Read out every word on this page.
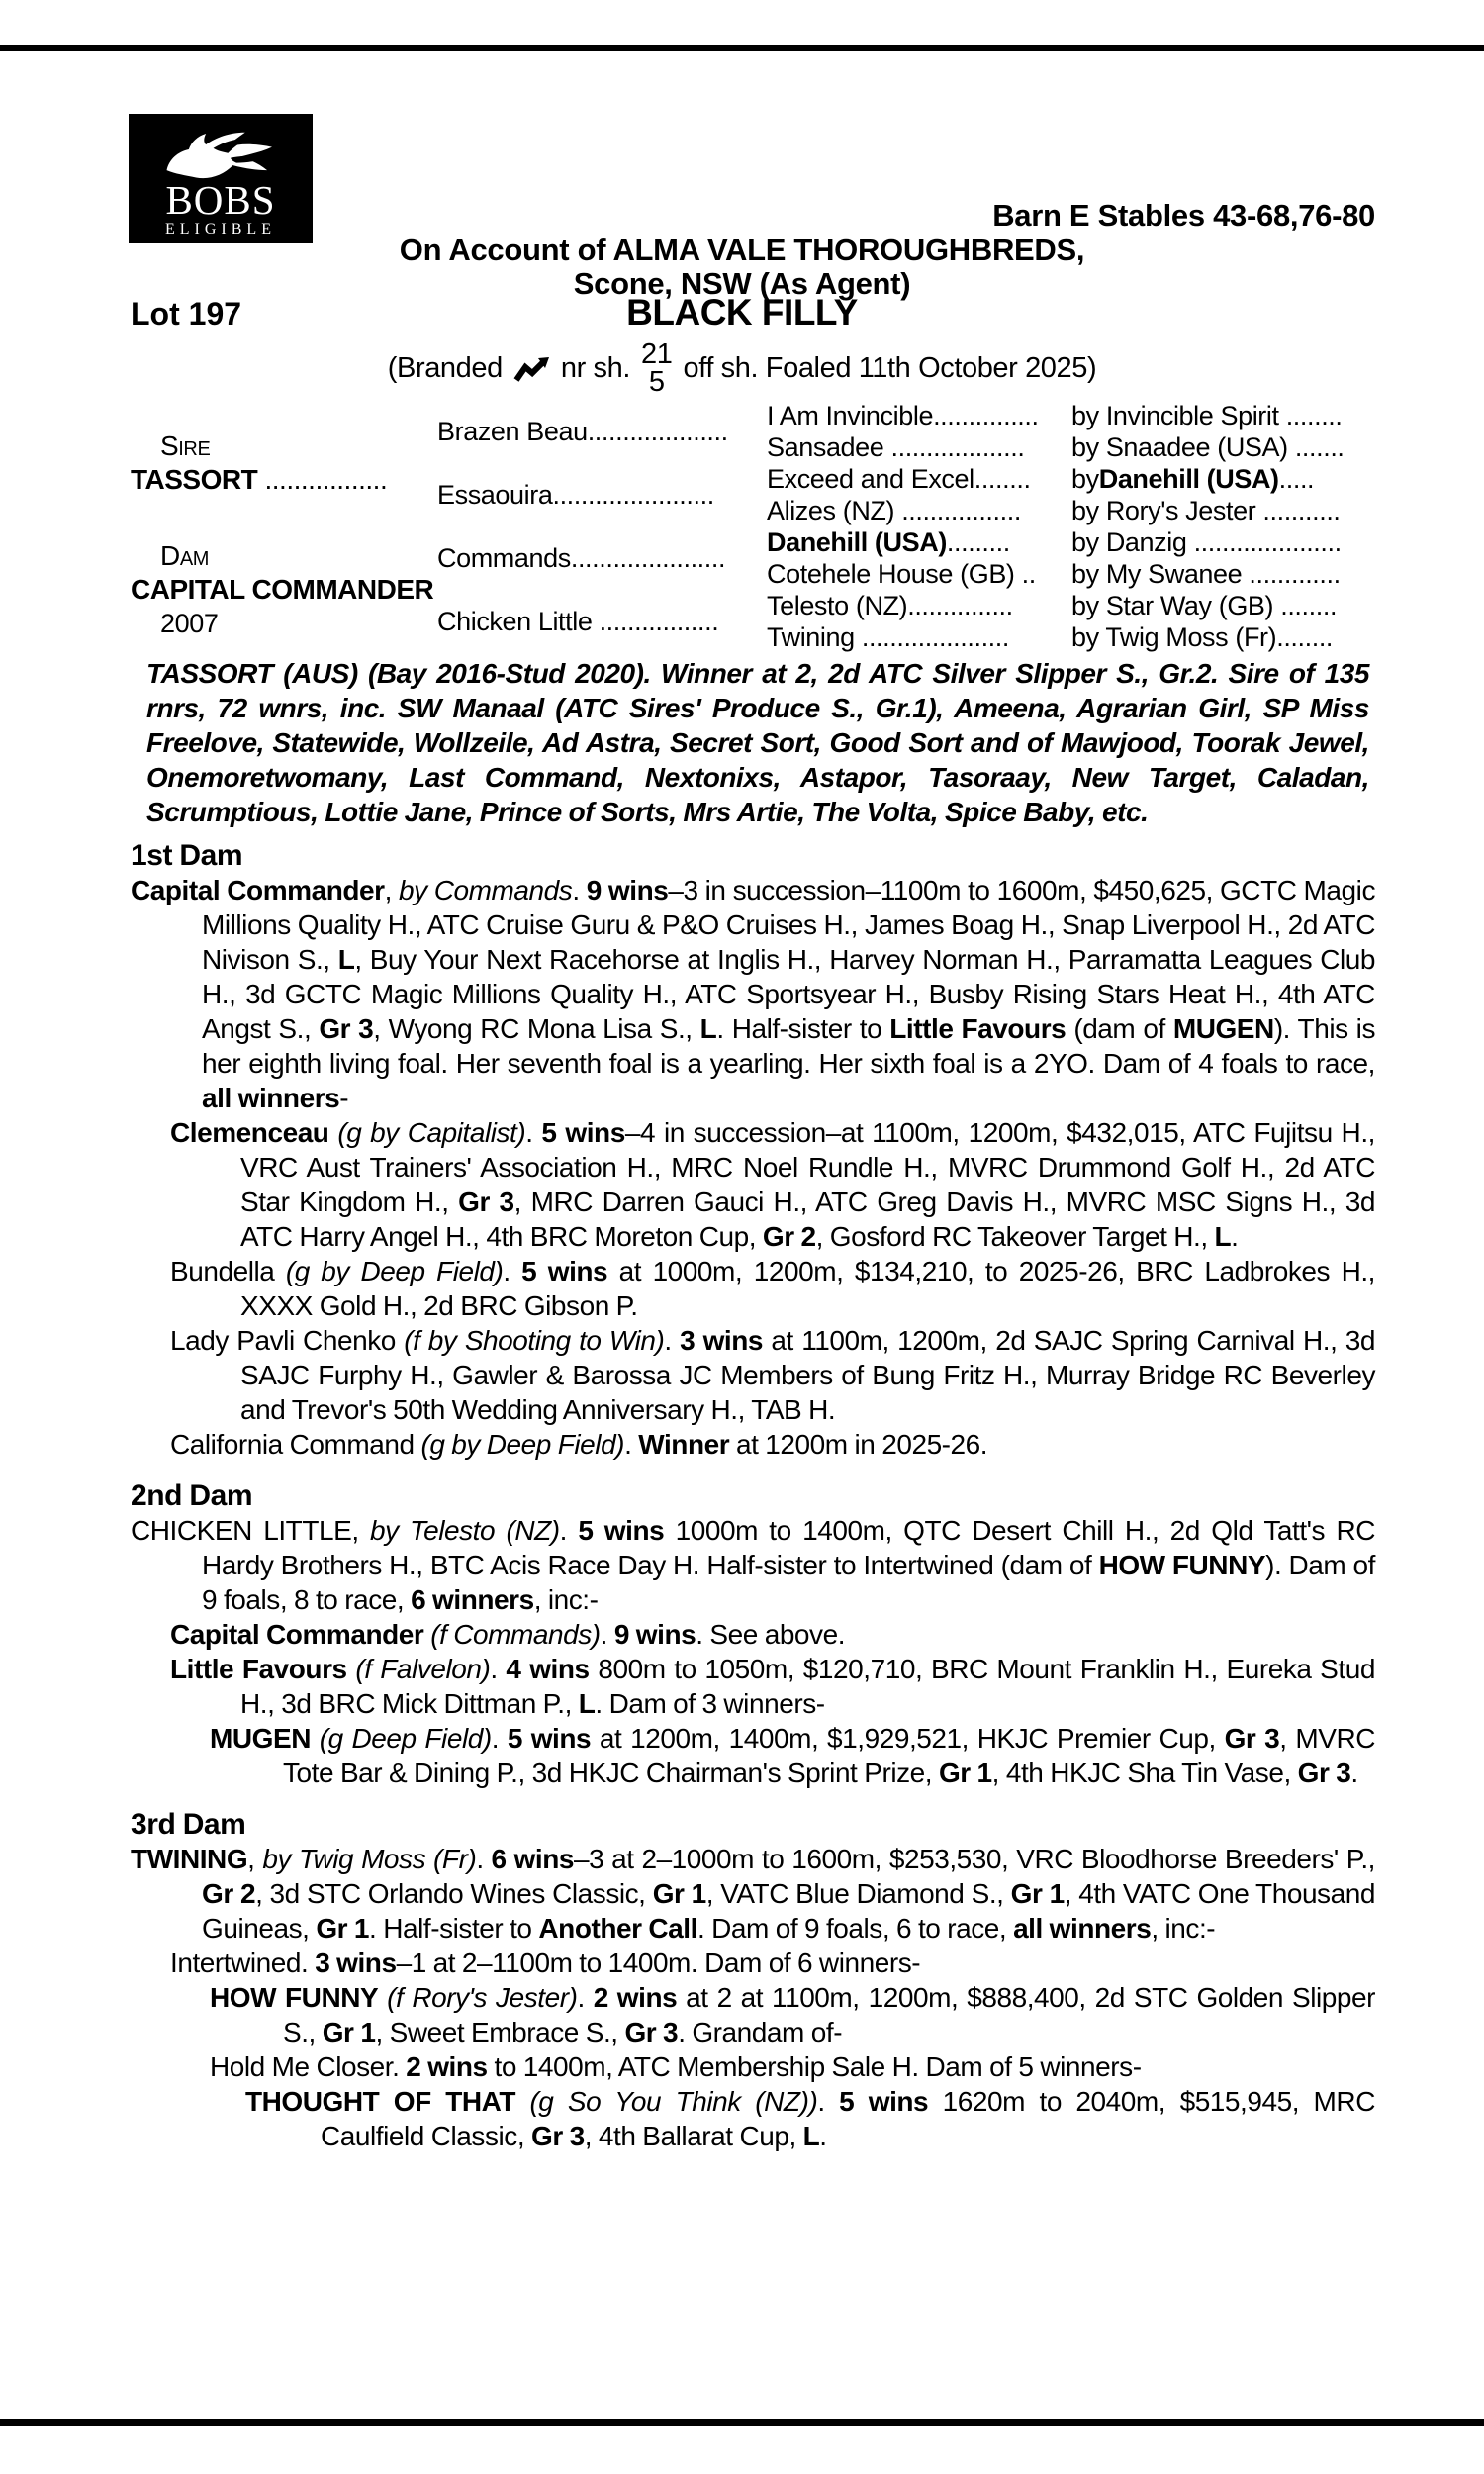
BOBS
ELIGIBLE	Barn E Stables 43-68,76-80
On Account of ALMA VALE THOROUGHBREDS,
Scone, NSW (As Agent)
Lot 197	BLACK FILLY
(Branded nr sh. 21
5 off sh. Foaled 11th October 2025)
Sire
TASSORT .................
Dam
CAPITAL COMMANDER
2007
Brazen Beau....................
Essaouira.......................
Commands......................
Chicken Little .................
I Am Invincible............... by Invincible Spirit ........
Sansadee ................... by Snaadee (USA) .......
Exceed and Excel........ by Danehill (USA) .....
Alizes (NZ) ................. by Rory's Jester ...........
Danehill (USA) ......... by Danzig .....................
Cotehele House (GB) .. by My Swanee .............
Telesto (NZ)............... by Star Way (GB) ........
Twining ..................... by Twig Moss (Fr)........

TASSORT (AUS) (Bay 2016-Stud 2020). Winner at 2, 2d ATC Silver Slipper S., Gr.2. Sire of 135 rnrs, 72 wnrs, inc. SW Manaal (ATC Sires' Produce S., Gr.1), Ameena, Agrarian Girl, SP Miss Freelove, Statewide, Wollzeile, Ad Astra, Secret Sort, Good Sort and of Mawjood, Toorak Jewel, Onemoretwomany, Last Command, Nextonixs, Astapor, Tasoraay, New Target, Caladan, Scrumptious, Lottie Jane, Prince of Sorts, Mrs Artie, The Volta, Spice Baby, etc.

1st Dam

Capital Commander, by Commands. 9 wins–3 in succession–1100m to 1600m, $450,625, GCTC Magic Millions Quality H., ATC Cruise Guru & P&O Cruises H., James Boag H., Snap Liverpool H., 2d ATC Nivison S., L, Buy Your Next Racehorse at Inglis H., Harvey Norman H., Parramatta Leagues Club H., 3d GCTC Magic Millions Quality H., ATC Sportsyear H., Busby Rising Stars Heat H., 4th ATC Angst S., Gr 3, Wyong RC Mona Lisa S., L. Half-sister to Little Favours (dam of MUGEN). This is her eighth living foal. Her seventh foal is a yearling. Her sixth foal is a 2YO. Dam of 4 foals to race, all winners-

Clemenceau (g by Capitalist). 5 wins–4 in succession–at 1100m, 1200m, $432,015, ATC Fujitsu H., VRC Aust Trainers' Association H., MRC Noel Rundle H., MVRC Drummond Golf H., 2d ATC Star Kingdom H., Gr 3, MRC Darren Gauci H., ATC Greg Davis H., MVRC MSC Signs H., 3d ATC Harry Angel H., 4th BRC Moreton Cup, Gr 2, Gosford RC Takeover Target H., L.

Bundella (g by Deep Field). 5 wins at 1000m, 1200m, $134,210, to 2025-26, BRC Ladbrokes H., XXXX Gold H., 2d BRC Gibson P.

Lady Pavli Chenko (f by Shooting to Win). 3 wins at 1100m, 1200m, 2d SAJC Spring Carnival H., 3d SAJC Furphy H., Gawler & Barossa JC Members of Bung Fritz H., Murray Bridge RC Beverley and Trevor's 50th Wedding Anniversary H., TAB H.

California Command (g by Deep Field). Winner at 1200m in 2025-26.

2nd Dam

CHICKEN LITTLE, by Telesto (NZ). 5 wins 1000m to 1400m, QTC Desert Chill H., 2d Qld Tatt's RC Hardy Brothers H., BTC Acis Race Day H. Half-sister to Intertwined (dam of HOW FUNNY). Dam of 9 foals, 8 to race, 6 winners, inc:-

Capital Commander (f Commands). 9 wins. See above.

Little Favours (f Falvelon). 4 wins 800m to 1050m, $120,710, BRC Mount Franklin H., Eureka Stud H., 3d BRC Mick Dittman P., L. Dam of 3 winners-

MUGEN (g Deep Field). 5 wins at 1200m, 1400m, $1,929,521, HKJC Premier Cup, Gr 3, MVRC Tote Bar & Dining P., 3d HKJC Chairman's Sprint Prize, Gr 1, 4th HKJC Sha Tin Vase, Gr 3.

3rd Dam

TWINING, by Twig Moss (Fr). 6 wins–3 at 2–1000m to 1600m, $253,530, VRC Bloodhorse Breeders' P., Gr 2, 3d STC Orlando Wines Classic, Gr 1, VATC Blue Diamond S., Gr 1, 4th VATC One Thousand Guineas, Gr 1. Half-sister to Another Call. Dam of 9 foals, 6 to race, all winners, inc:-

Intertwined. 3 wins–1 at 2–1100m to 1400m. Dam of 6 winners-

HOW FUNNY (f Rory's Jester). 2 wins at 2 at 1100m, 1200m, $888,400, 2d STC Golden Slipper S., Gr 1, Sweet Embrace S., Gr 3. Grandam of-

Hold Me Closer. 2 wins to 1400m, ATC Membership Sale H. Dam of 5 winners-

THOUGHT OF THAT (g So You Think (NZ)). 5 wins 1620m to 2040m, $515,945, MRC Caulfield Classic, Gr 3, 4th Ballarat Cup, L.
